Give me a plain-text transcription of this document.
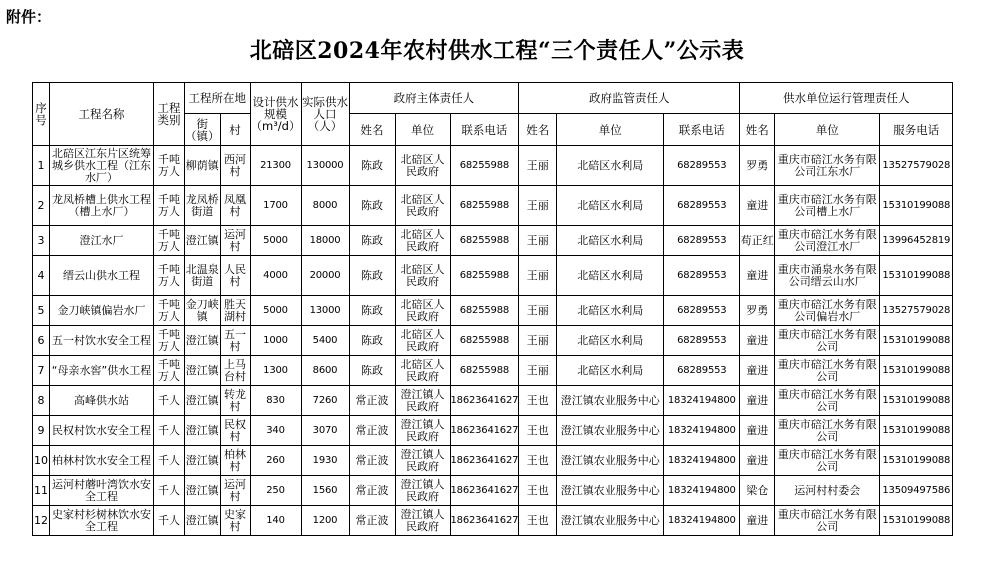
附件：
北碚区2024年农村供水工程“三个责任人”公示表
序号	工程名称	工程类别	工程所在地		设计供水规模（m³/d）	实际供水人口（人）	政府主体责任人			政府监管责任人			供水单位运行管理责任人		
			街（镇）	村			姓名	单位	联系电话	姓名	单位	联系电话	姓名	单位	服务电话
1	北碚区江东片区统筹城乡供水工程（江东水厂）	千吨万人	柳荫镇	西河村	21300	130000	陈政	北碚区人民政府	68255988	王丽	北碚区水利局	68289553	罗勇	重庆市碚江水务有限公司江东水厂	13527579028
2	龙凤桥槽上供水工程（槽上水厂）	千吨万人	龙凤桥街道	凤凰村	1700	8000	陈政	北碚区人民政府	68255988	王丽	北碚区水利局	68289553	童进	重庆市碚江水务有限公司槽上水厂	15310199088
3	澄江水厂	千吨万人	澄江镇	运河村	5000	18000	陈政	北碚区人民政府	68255988	王丽	北碚区水利局	68289553	苟正红	重庆市碚江水务有限公司澄江水厂	13996452819
4	缙云山供水工程	千吨万人	北温泉街道	人民村	4000	20000	陈政	北碚区人民政府	68255988	王丽	北碚区水利局	68289553	童进	重庆市涌泉水务有限公司缙云山水厂	15310199088
5	金刀峡镇偏岩水厂	千吨万人	金刀峡镇	胜天湖村	5000	13000	陈政	北碚区人民政府	68255988	王丽	北碚区水利局	68289553	罗勇	重庆市碚江水务有限公司偏岩水厂	13527579028
6	五一村饮水安全工程	千吨万人	澄江镇	五一村	1000	5400	陈政	北碚区人民政府	68255988	王丽	北碚区水利局	68289553	童进	重庆市碚江水务有限公司	15310199088
7	“母亲水窖”供水工程	千吨万人	澄江镇	上马台村	1300	8600	陈政	北碚区人民政府	68255988	王丽	北碚区水利局	68289553	童进	重庆市碚江水务有限公司	15310199088
8	高峰供水站	千人	澄江镇	转龙村	830	7260	常正波	澄江镇人民政府	18623641627	王也	澄江镇农业服务中心	18324194800	童进	重庆市碚江水务有限公司	15310199088
9	民权村饮水安全工程	千人	澄江镇	民权村	340	3070	常正波	澄江镇人民政府	18623641627	王也	澄江镇农业服务中心	18324194800	童进	重庆市碚江水务有限公司	15310199088
10	柏林村饮水安全工程	千人	澄江镇	柏林村	260	1930	常正波	澄江镇人民政府	18623641627	王也	澄江镇农业服务中心	18324194800	童进	重庆市碚江水务有限公司	15310199088
11	运河村蘑叶湾饮水安全工程	千人	澄江镇	运河村	250	1560	常正波	澄江镇人民政府	18623641627	王也	澄江镇农业服务中心	18324194800	梁仓	运河村村委会	13509497586
12	史家村杉树林饮水安全工程	千人	澄江镇	史家村	140	1200	常正波	澄江镇人民政府	18623641627	王也	澄江镇农业服务中心	18324194800	童进	重庆市碚江水务有限公司	15310199088
